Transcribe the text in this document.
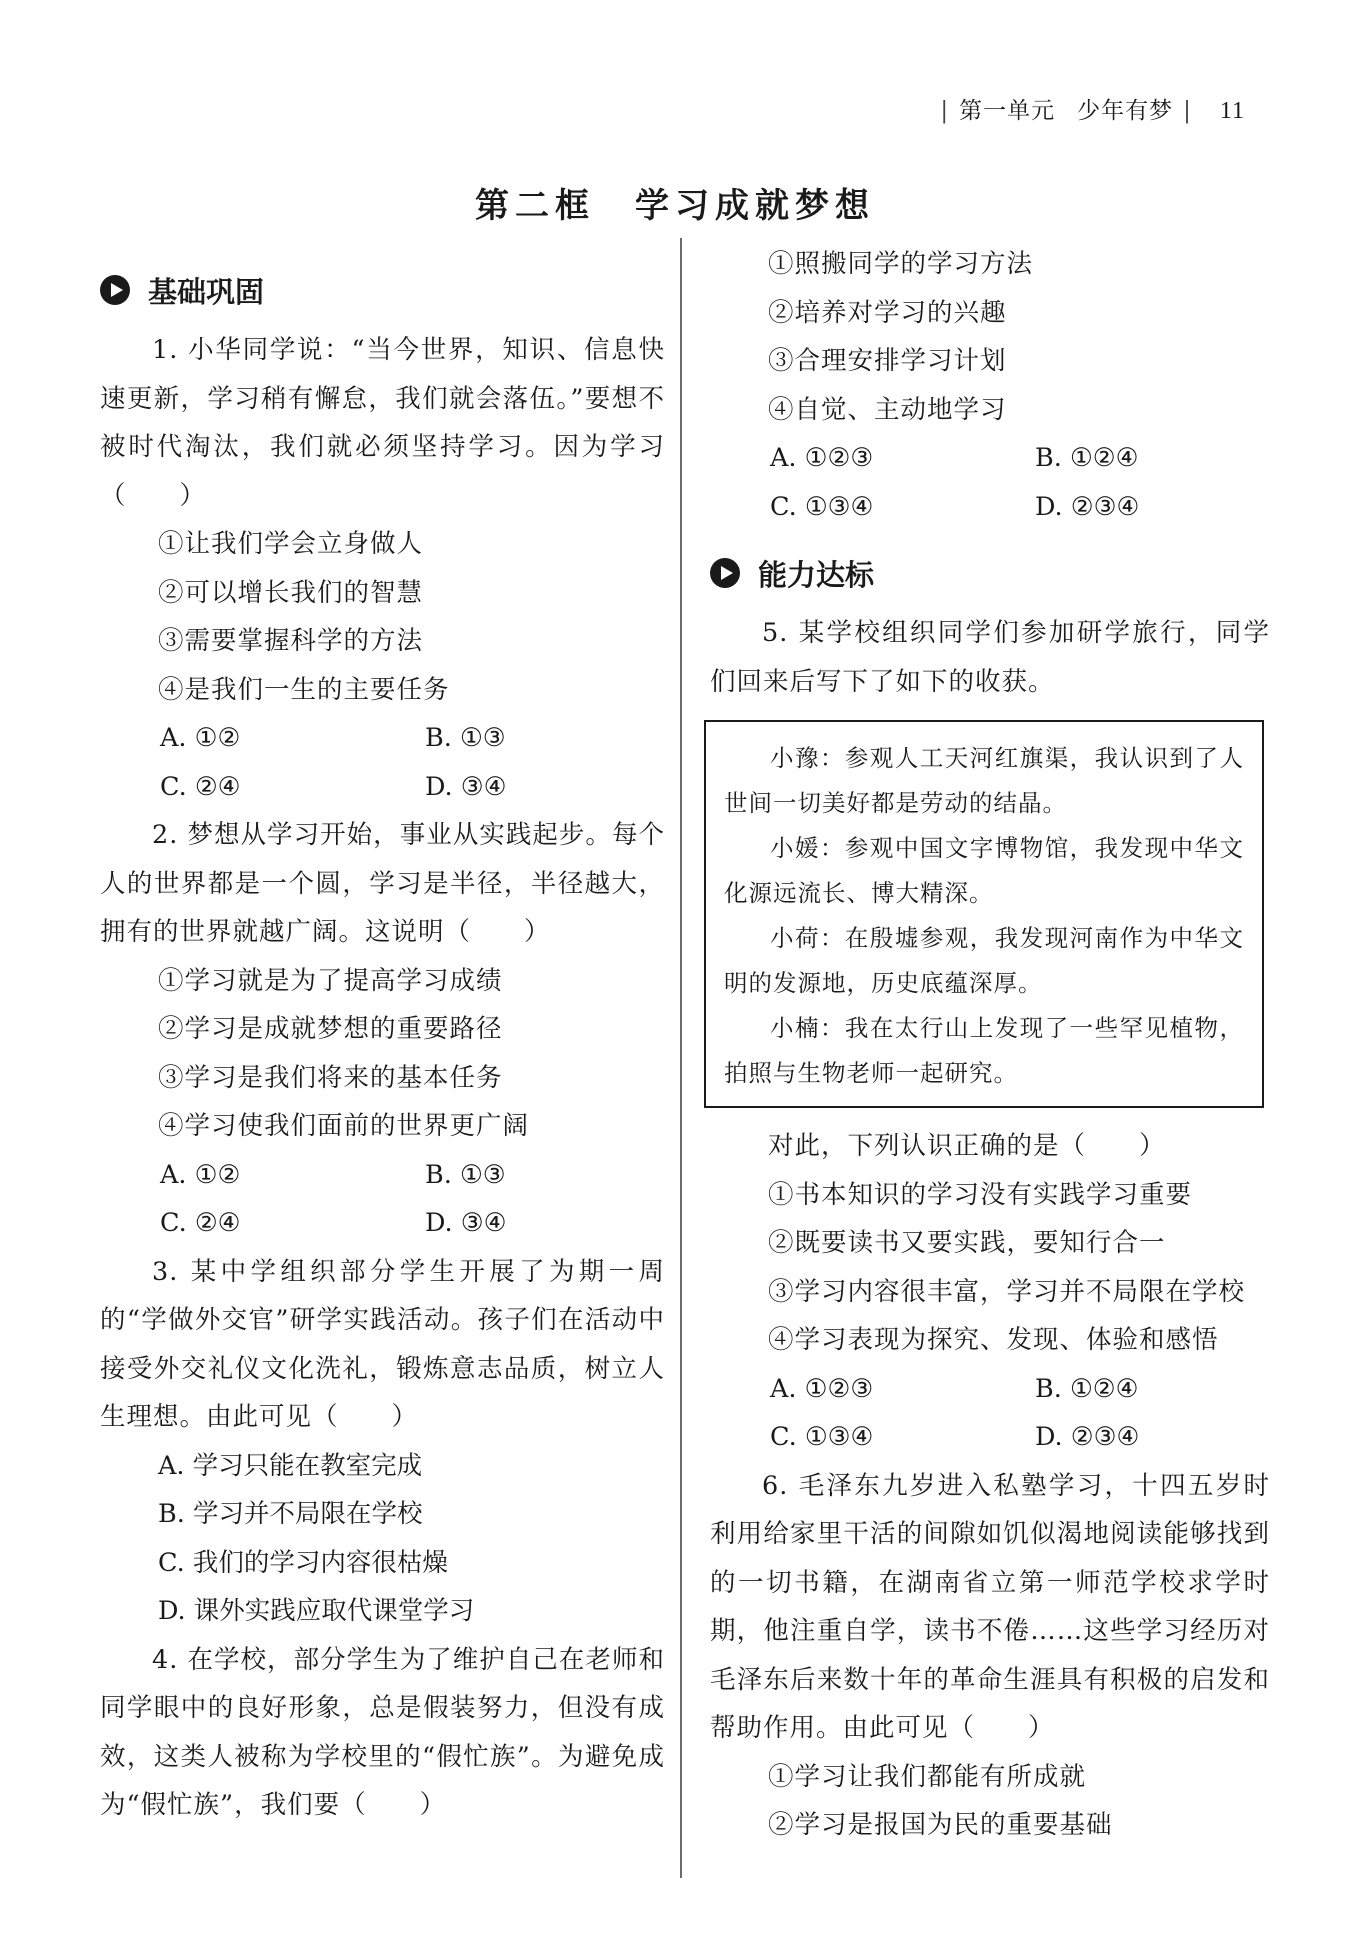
| 第一单元 少年有梦 | 11
第二框　学习成就梦想
基础巩固

1. 小华同学说：“当今世界，知识、信息快速更新，学习稍有懈怠，我们就会落伍。”要想不被时代淘汰，我们就必须坚持学习。因为学习（　　）

①让我们学会立身做人

②可以增长我们的智慧

③需要掌握科学的方法

④是我们一生的主要任务

A. ①②	B. ①③
C. ②④	D. ③④

2. 梦想从学习开始，事业从实践起步。每个人的世界都是一个圆，学习是半径，半径越大，拥有的世界就越广阔。这说明（　　）

①学习就是为了提高学习成绩

②学习是成就梦想的重要路径

③学习是我们将来的基本任务

④学习使我们面前的世界更广阔

A. ①②	B. ①③
C. ②④	D. ③④

3. 某中学组织部分学生开展了为期一周的“学做外交官”研学实践活动。孩子们在活动中接受外交礼仪文化洗礼，锻炼意志品质，树立人生理想。由此可见（　　）

A. 学习只能在教室完成

B. 学习并不局限在学校

C. 我们的学习内容很枯燥

D. 课外实践应取代课堂学习

4. 在学校，部分学生为了维护自己在老师和同学眼中的良好形象，总是假装努力，但没有成效，这类人被称为学校里的“假忙族”。为避免成为“假忙族”，我们要（　　）

①照搬同学的学习方法

②培养对学习的兴趣

③合理安排学习计划

④自觉、主动地学习

A. ①②③	B. ①②④
C. ①③④	D. ②③④
能力达标

5. 某学校组织同学们参加研学旅行，同学们回来后写下了如下的收获。

小豫：参观人工天河红旗渠，我认识到了人世间一切美好都是劳动的结晶。

小媛：参观中国文字博物馆，我发现中华文化源远流长、博大精深。

小荷：在殷墟参观，我发现河南作为中华文明的发源地，历史底蕴深厚。

小楠：我在太行山上发现了一些罕见植物，拍照与生物老师一起研究。

对此，下列认识正确的是（　　）

①书本知识的学习没有实践学习重要

②既要读书又要实践，要知行合一

③学习内容很丰富，学习并不局限在学校

④学习表现为探究、发现、体验和感悟

A. ①②③	B. ①②④
C. ①③④	D. ②③④

6. 毛泽东九岁进入私塾学习，十四五岁时利用给家里干活的间隙如饥似渴地阅读能够找到的一切书籍，在湖南省立第一师范学校求学时期，他注重自学，读书不倦……这些学习经历对毛泽东后来数十年的革命生涯具有积极的启发和帮助作用。由此可见（　　）

①学习让我们都能有所成就

②学习是报国为民的重要基础
